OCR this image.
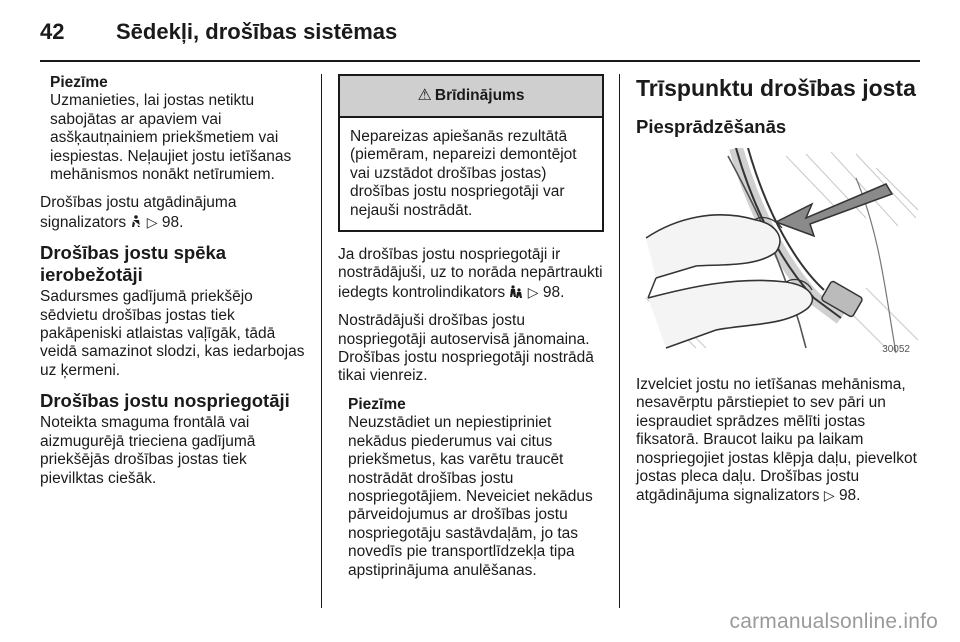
42	Sēdekļi, drošības sistēmas
Piezīme
Uzmanieties, lai jostas netiktu sabojātas ar apaviem vai asšķautņainiem priekšmetiem vai iespiestas. Neļaujiet jostu ietīšanas mehānismos nonākt netīrumiem.

Drošības jostu atgādinājuma signalizators ▷ 98.

Drošības jostu spēka ierobežotāji

Sadursmes gadījumā priekšējo sēdvietu drošības jostas tiek pakāpeniski atlaistas vaļīgāk, tādā veidā samazinot slodzi, kas iedarbojas uz ķermeni.

Drošības jostu nospriegotāji

Noteikta smaguma frontālā vai aizmugurējā trieciena gadījumā priekšējās drošības jostas tiek pievilktas ciešāk.

⚠ Brīdinājums
Nepareizas apiešanās rezultātā (piemēram, nepareizi demontējot vai uzstādot drošības jostas) drošības jostu nospriegotāji var nejauši nostrādāt.

Ja drošības jostu nospriegotāji ir nostrādājuši, uz to norāda nepārtraukti iedegts kontrolindikators ▷ 98.

Nostrādājuši drošības jostu nospriegotāji autoservisā jānomaina. Drošības jostu nospriegotāji nostrādā tikai vienreiz.

Piezīme
Neuzstādiet un nepiestipriniet nekādus piederumus vai citus priekšmetus, kas varētu traucēt nostrādāt drošības jostu nospriegotājiem. Neveiciet nekādus pārveidojumus ar drošības jostu nospriegotāju sastāvdaļām, jo tas novedīs pie transportlīdzekļa tipa apstiprinājuma anulēšanas.
Trīspunktu drošības josta
Piesprādzēšanās
30052

Izvelciet jostu no ietīšanas mehānisma, nesavērptu pārstiepiet to sev pāri un iespraudiet sprādzes mēlīti jostas fiksatorā. Braucot laiku pa laikam nospriegojiet jostas klēpja daļu, pievelkot jostas pleca daļu. Drošības jostu atgādinājuma signalizators ▷ 98.

carmanualsonline.info
